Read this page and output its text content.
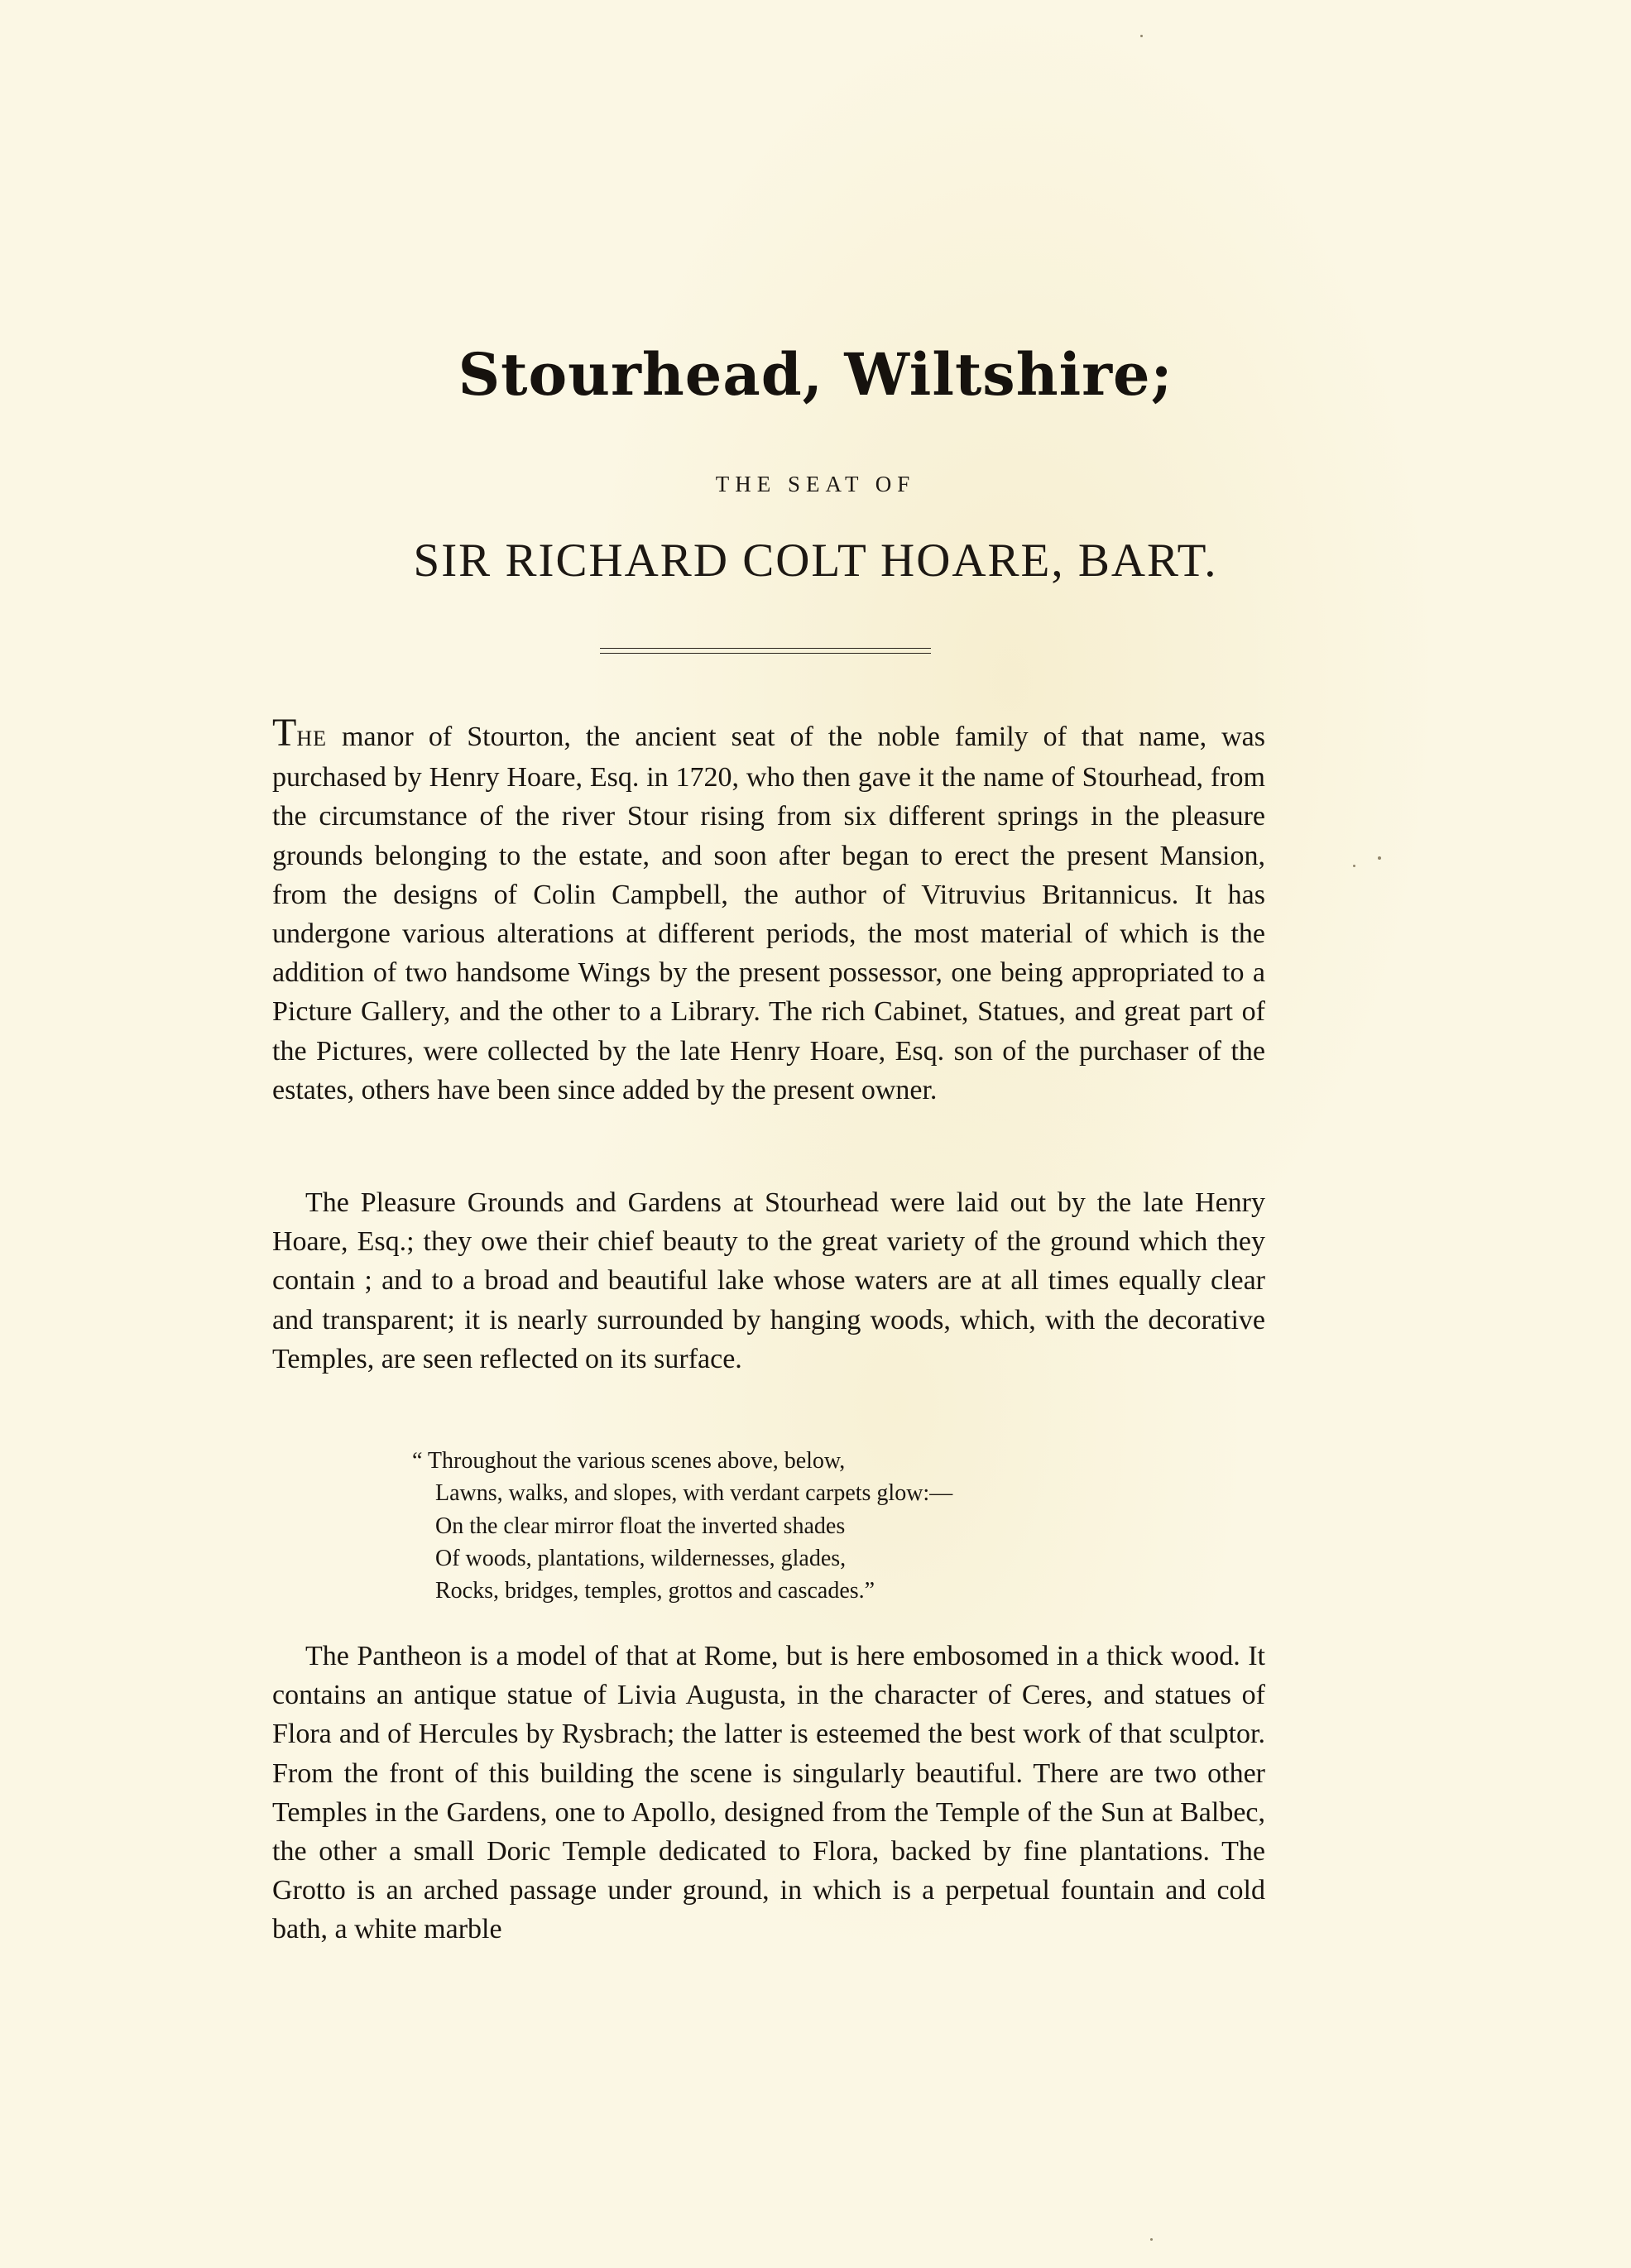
Stourhead, Wiltshire;
THE SEAT OF
SIR RICHARD COLT HOARE, BART.

THE manor of Stourton, the ancient seat of the noble family of that name, was purchased by Henry Hoare, Esq. in 1720, who then gave it the name of Stourhead, from the circumstance of the river Stour rising from six different springs in the pleasure grounds belonging to the estate, and soon after began to erect the present Mansion, from the designs of Colin Campbell, the author of Vitruvius Britannicus. It has undergone various alterations at different periods, the most material of which is the addition of two handsome Wings by the present possessor, one being appropriated to a Picture Gallery, and the other to a Library. The rich Cabinet, Statues, and great part of the Pictures, were collected by the late Henry Hoare, Esq. son of the purchaser of the estates, others have been since added by the present owner.

The Pleasure Grounds and Gardens at Stourhead were laid out by the late Henry Hoare, Esq.; they owe their chief beauty to the great variety of the ground which they contain ; and to a broad and beautiful lake whose waters are at all times equally clear and transparent; it is nearly surrounded by hanging woods, which, with the decorative Temples, are seen reflected on its surface.

“ Throughout the various scenes above, below,
Lawns, walks, and slopes, with verdant carpets glow:—
On the clear mirror float the inverted shades
Of woods, plantations, wildernesses, glades,
Rocks, bridges, temples, grottos and cascades.”

The Pantheon is a model of that at Rome, but is here embosomed in a thick wood. It contains an antique statue of Livia Augusta, in the character of Ceres, and statues of Flora and of Hercules by Rysbrach; the latter is esteemed the best work of that sculptor. From the front of this building the scene is singularly beautiful. There are two other Temples in the Gardens, one to Apollo, designed from the Temple of the Sun at Balbec, the other a small Doric Temple dedicated to Flora, backed by fine plantations. The Grotto is an arched passage under ground, in which is a perpetual fountain and cold bath, a white marble
